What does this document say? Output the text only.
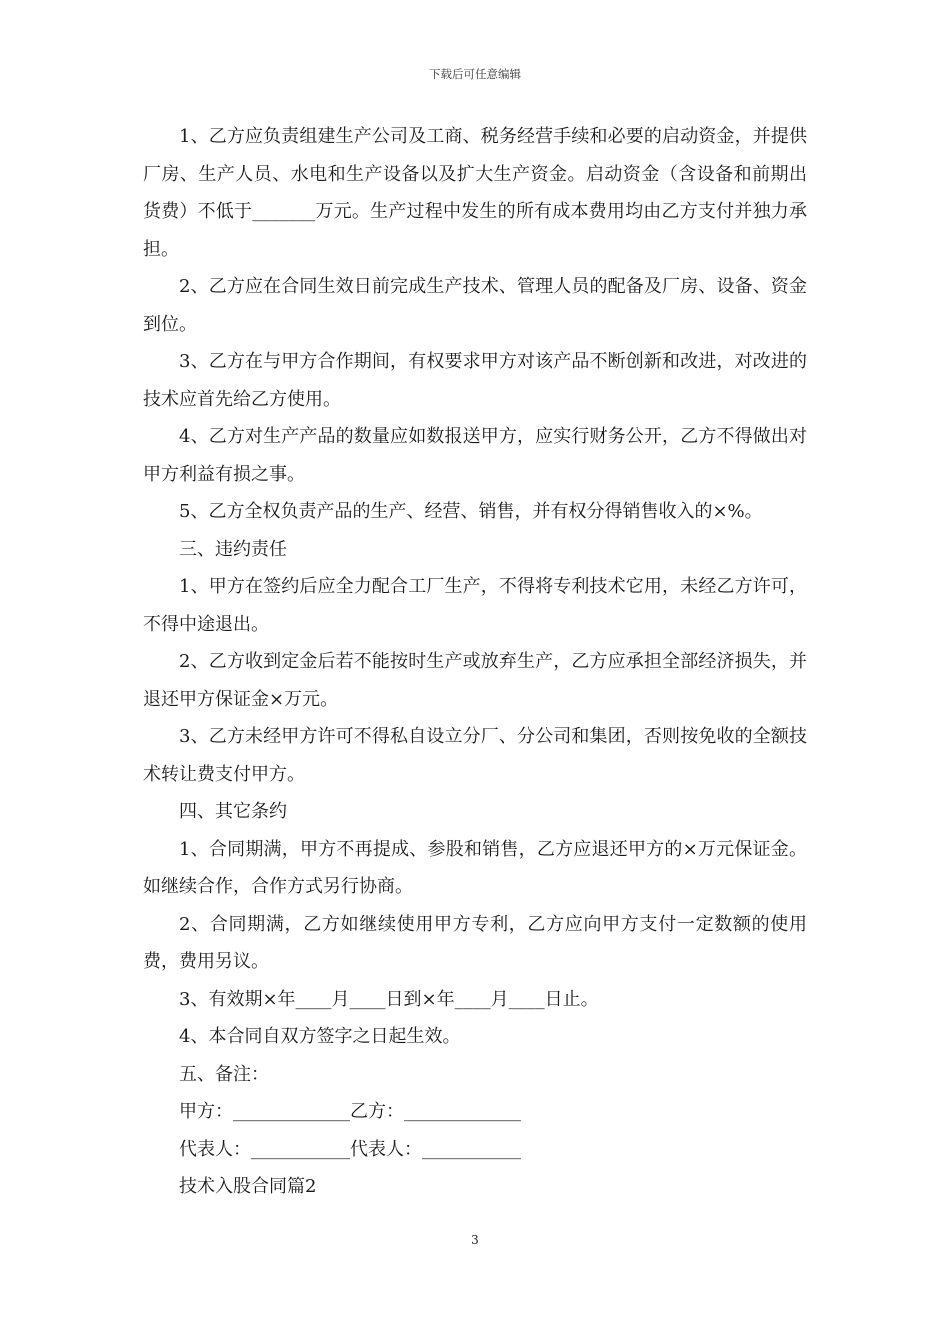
下载后可任意编辑

1、乙方应负责组建生产公司及工商、税务经营手续和必要的启动资金，并提供厂房、生产人员、水电和生产设备以及扩大生产资金。启动资金（含设备和前期出货费）不低于_______万元。生产过程中发生的所有成本费用均由乙方支付并独力承担。

2、乙方应在合同生效日前完成生产技术、管理人员的配备及厂房、设备、资金到位。

3、乙方在与甲方合作期间，有权要求甲方对该产品不断创新和改进，对改进的技术应首先给乙方使用。

4、乙方对生产产品的数量应如数报送甲方，应实行财务公开，乙方不得做出对甲方利益有损之事。

5、乙方全权负责产品的生产、经营、销售，并有权分得销售收入的×%。

三、违约责任

1、甲方在签约后应全力配合工厂生产，不得将专利技术它用，未经乙方许可，不得中途退出。

2、乙方收到定金后若不能按时生产或放弃生产，乙方应承担全部经济损失，并退还甲方保证金×万元。

3、乙方未经甲方许可不得私自设立分厂、分公司和集团，否则按免收的全额技术转让费支付甲方。

四、其它条约

1、合同期满，甲方不再提成、参股和销售，乙方应退还甲方的×万元保证金。如继续合作，合作方式另行协商。

2、合同期满，乙方如继续使用甲方专利，乙方应向甲方支付一定数额的使用费，费用另议。

3、有效期×年____月____日到×年____月____日止。

4、本合同自双方签字之日起生效。

五、备注：

甲方：_____________乙方：_____________

代表人：___________代表人：___________

技术入股合同篇2

3
